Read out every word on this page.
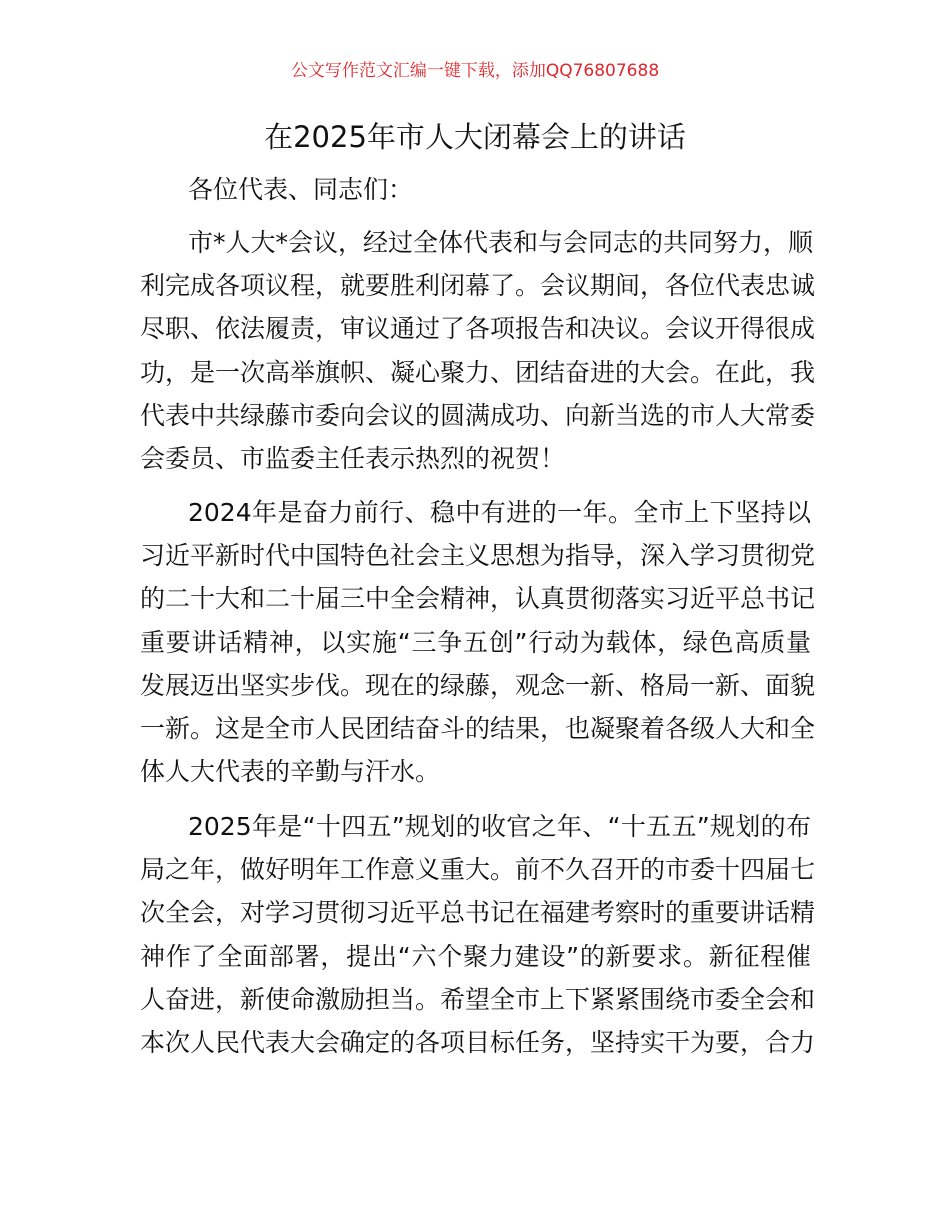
公文写作范文汇编一键下载，添加QQ76807688
在2025年市人大闭幕会上的讲话
各位代表、同志们：
市*人大*会议，经过全体代表和与会同志的共同努力，顺
利完成各项议程，就要胜利闭幕了。会议期间，各位代表忠诚
尽职、依法履责，审议通过了各项报告和决议。会议开得很成
功，是一次高举旗帜、凝心聚力、团结奋进的大会。在此，我
代表中共绿藤市委向会议的圆满成功、向新当选的市人大常委
会委员、市监委主任表示热烈的祝贺！
2024年是奋力前行、稳中有进的一年。全市上下坚持以
习近平新时代中国特色社会主义思想为指导，深入学习贯彻党
的二十大和二十届三中全会精神，认真贯彻落实习近平总书记
重要讲话精神，以实施“三争五创”行动为载体，绿色高质量
发展迈出坚实步伐。现在的绿藤，观念一新、格局一新、面貌
一新。这是全市人民团结奋斗的结果，也凝聚着各级人大和全
体人大代表的辛勤与汗水。
2025年是“十四五”规划的收官之年、“十五五”规划的布
局之年，做好明年工作意义重大。前不久召开的市委十四届七
次全会，对学习贯彻习近平总书记在福建考察时的重要讲话精
神作了全面部署，提出“六个聚力建设”的新要求。新征程催
人奋进，新使命激励担当。希望全市上下紧紧围绕市委全会和
本次人民代表大会确定的各项目标任务，坚持实干为要，合力
